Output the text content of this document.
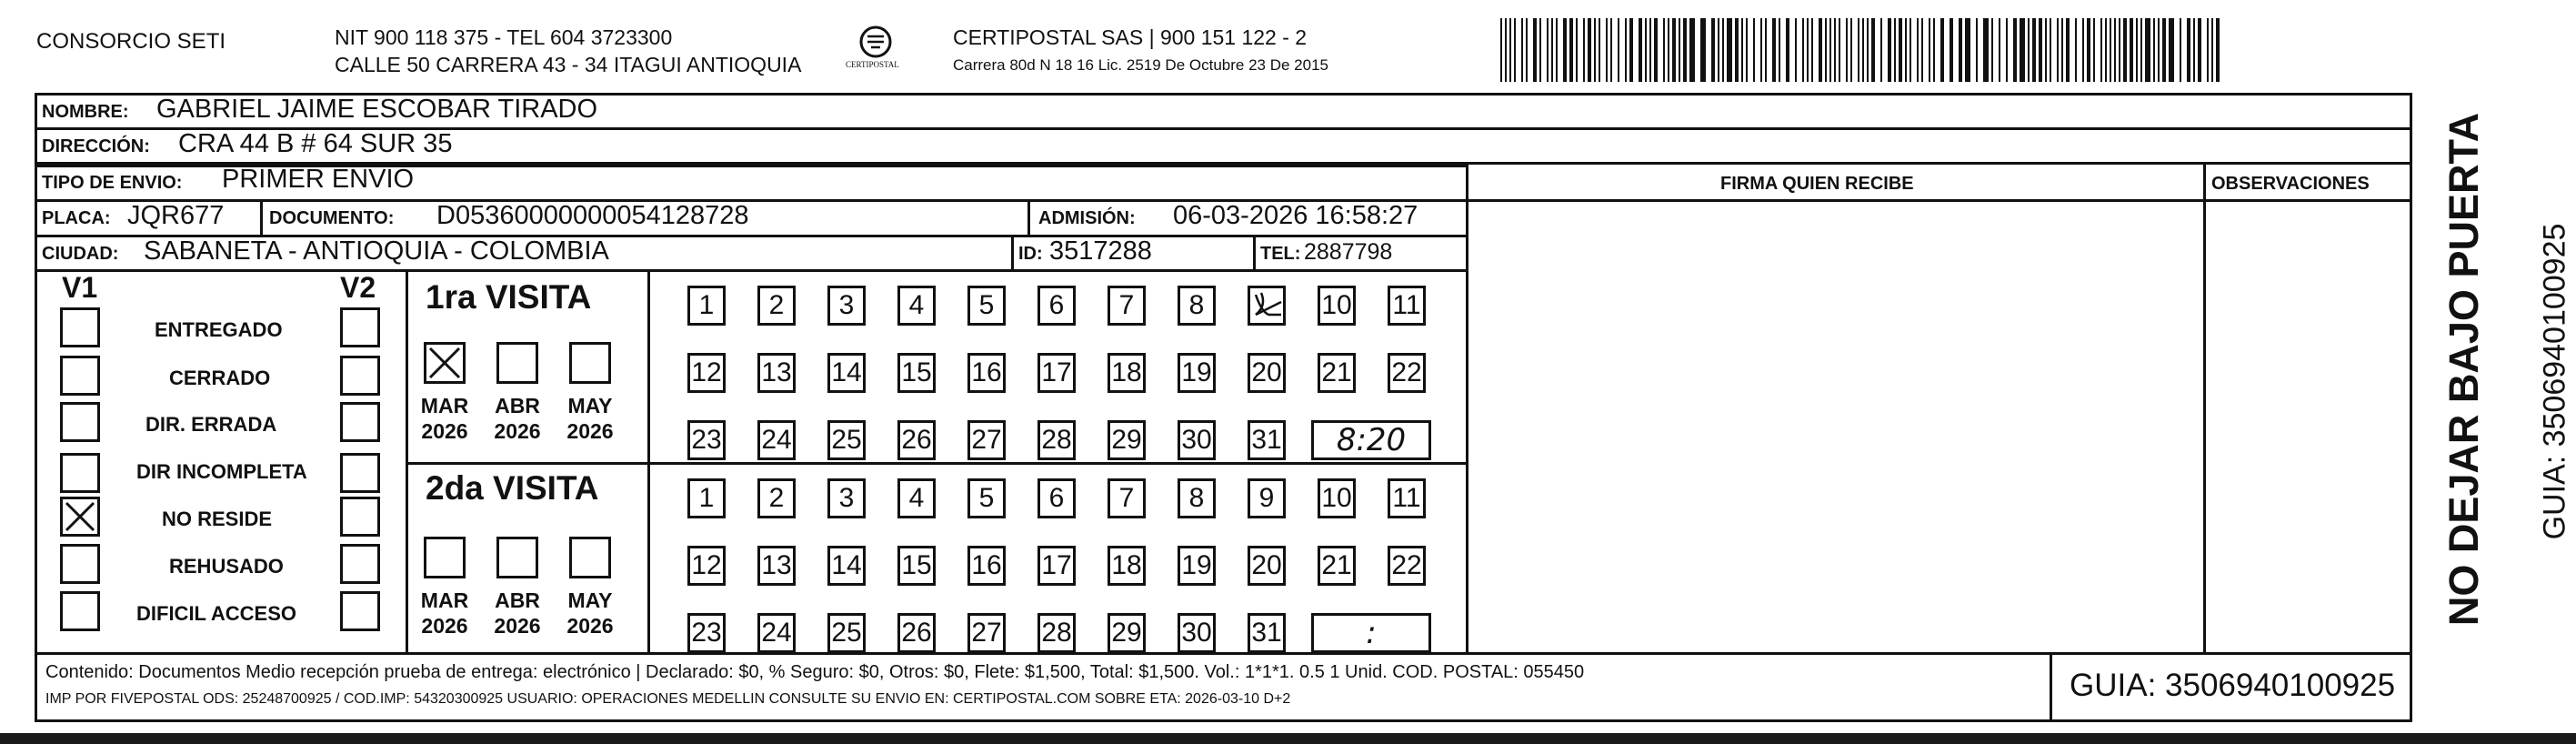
CONSORCIO SETI	NIT 900 118 375 - TEL 604 3723300
CALLE 50 CARRERA 43 - 34 ITAGUI ANTIOQUIA	CERTIPOSTAL
CERTIPOSTAL SAS | 900 151 122 - 2
Carrera 80d N 18 16 Lic. 2519 De Octubre 23 De 2015
NOMBRE: GABRIEL JAIME ESCOBAR TIRADO
DIRECCIÓN: CRA 44 B # 64 SUR 35
TIPO DE ENVIO: PRIMER ENVIO
PLACA: JQR677 DOCUMENTO: D05360000000054128728	ADMISIÓN: 06-03-2026 16:58:27
CIUDAD: SABANETA - ANTIOQUIA - COLOMBIA	ID: 3517288	TEL: 2887798
FIRMA QUIEN RECIBE	OBSERVACIONES
V1	V2
ENTREGADO
CERRADO
DIR. ERRADA
DIR INCOMPLETA
NO RESIDE
REHUSADO
DIFICIL ACCESO
1ra VISITA
MAR
2026
ABR
2026
MAY
2026
1 2 3 4 5 6 7 8	10 11
12 13 14 15 16 17 18 19 20 21 22
23 24 25 26 27 28 29 30 31 8:20
2da VISITA
MAR
2026
ABR
2026
MAY
2026
1 2 3 4 5 6 7 8 9 10 11
12 13 14 15 16 17 18 19 20 21 22
23 24 25 26 27 28 29 30 31	:
Contenido: Documentos Medio recepción prueba de entrega: electrónico | Declarado: $0, % Seguro: $0, Otros: $0, Flete: $1,500, Total: $1,500. Vol.: 1*1*1. 0.5 1 Unid. COD. POSTAL: 055450
IMP POR FIVEPOSTAL ODS: 25248700925 / COD.IMP: 54320300925 USUARIO: OPERACIONES MEDELLIN CONSULTE SU ENVIO EN: CERTIPOSTAL.COM SOBRE ETA: 2026-03-10 D+2	GUIA: 3506940100925
NO DEJAR BAJO PUERTA GUIA: 3506940100925
